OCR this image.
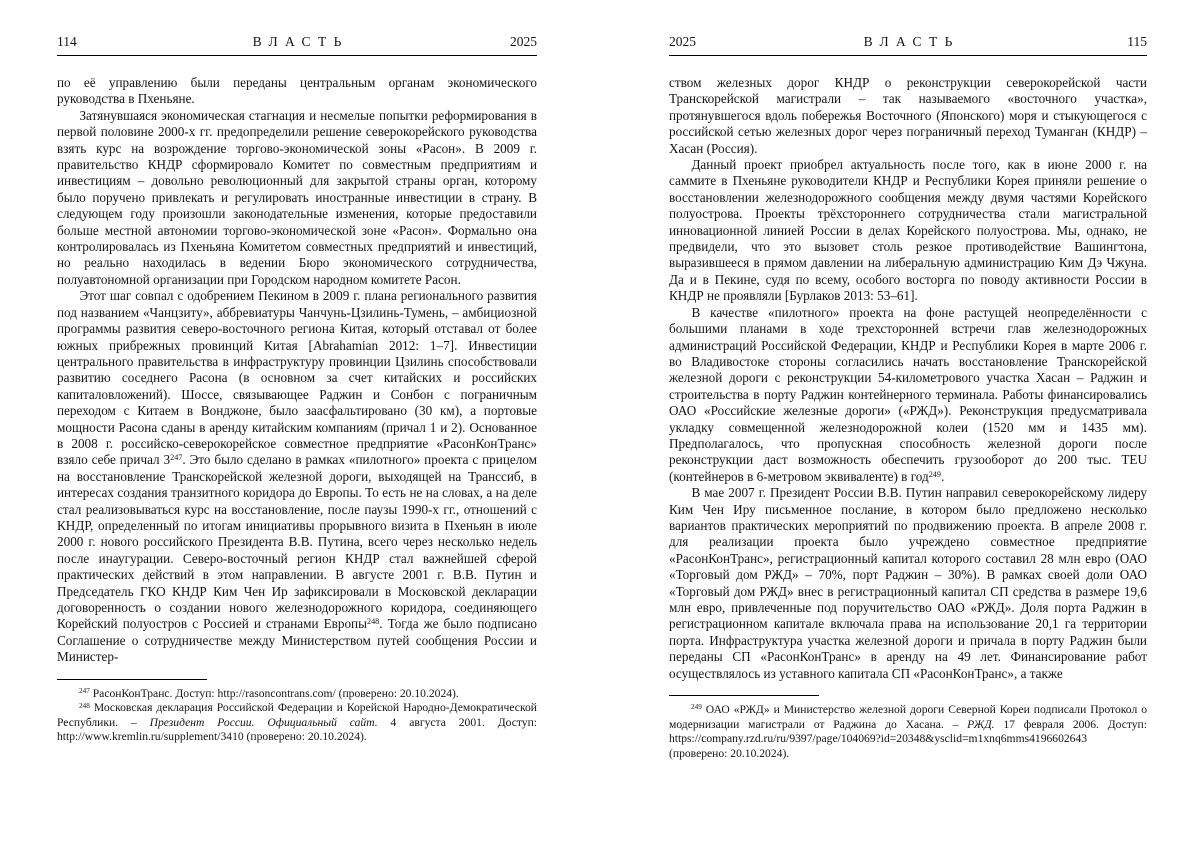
114	ВЛАСТЬ	2025

по её управлению были переданы центральным органам экономического руководства в Пхеньяне.

Затянувшаяся экономическая стагнация и несмелые попытки реформирования в первой половине 2000-х гг. предопределили решение северокорейского руководства взять курс на возрождение торгово-экономической зоны «Расон». В 2009 г. правительство КНДР сформировало Комитет по совместным предприятиям и инвестициям – довольно революционный для закрытой страны орган, которому было поручено привлекать и регулировать иностранные инвестиции в страну. В следующем году произошли законодательные изменения, которые предоставили больше местной автономии торгово-экономической зоне «Расон». Формально она контролировалась из Пхеньяна Комитетом совместных предприятий и инвестиций, но реально находилась в ведении Бюро экономического сотрудничества, полуавтономной организации при Городском народном комитете Расон.

Этот шаг совпал с одобрением Пекином в 2009 г. плана регионального развития под названием «Чанцзиту», аббревиатуры Чанчунь-Цзилинь-Тумень, – амбициозной программы развития северо-восточного региона Китая, который отставал от более южных прибрежных провинций Китая [Abrahamian 2012: 1–7]. Инвестиции центрального правительства в инфраструктуру провинции Цзилинь способствовали развитию соседнего Расона (в основном за счет китайских и российских капиталовложений). Шоссе, связывающее Раджин и Сонбон с пограничным переходом с Китаем в Вонджоне, было заасфальтировано (30 км), а портовые мощности Расона сданы в аренду китайским компаниям (причал 1 и 2). Основанное в 2008 г. российско-северокорейское совместное предприятие «РасонКонТранс» взяло себе причал $3^{247}$. Это было сделано в рамках «пилотного» проекта с прицелом на восстановление Транскорейской железной дороги, выходящей на Транссиб, в интересах создания транзитного коридора до Европы. То есть не на словах, а на деле стал реализовываться курс на восстановление, после паузы 1990-х гг., отношений с КНДР, определенный по итогам инициативы прорывного визита в Пхеньян в июле 2000 г. нового российского Президента В.В. Путина, всего через несколько недель после инаугурации. Северо-восточный регион КНДР стал важнейшей сферой практических действий в этом направлении. В августе 2001 г. В.В. Путин и Председатель ГКО КНДР Ким Чен Ир зафиксировали в Московской декларации договоренность о создании нового железнодорожного коридора, соединяющего Корейский полуостров с Россией и странами Европы$^{248}$. Тогда же было подписано Соглашение о сотрудничестве между Министерством путей сообщения России и Министер-

$^{247}$ РасонКонТранс. Доступ: http://rasoncontrans.com/ (проверено: 20.10.2024).

$^{248}$ Московская декларация Российской Федерации и Корейской Народно-Демократической Республики. – Президент России. Официальный сайт. 4 августа 2001. Доступ: http://www.kremlin.ru/supplement/3410 (проверено: 20.10.2024).

2025	ВЛАСТЬ	115

ством железных дорог КНДР о реконструкции северокорейской части Транскорейской магистрали – так называемого «восточного участка», протянувшегося вдоль побережья Восточного (Японского) моря и стыкующегося с российской сетью железных дорог через пограничный переход Туманган (КНДР) – Хасан (Россия).

Данный проект приобрел актуальность после того, как в июне 2000 г. на саммите в Пхеньяне руководители КНДР и Республики Корея приняли решение о восстановлении железнодорожного сообщения между двумя частями Корейского полуострова. Проекты трёхстороннего сотрудничества стали магистральной инновационной линией России в делах Корейского полуострова. Мы, однако, не предвидели, что это вызовет столь резкое противодействие Вашингтона, выразившееся в прямом давлении на либеральную администрацию Ким Дэ Чжуна. Да и в Пекине, судя по всему, особого восторга по поводу активности России в КНДР не проявляли [Бурлаков 2013: 53–61].

В качестве «пилотного» проекта на фоне растущей неопределённости с большими планами в ходе трехсторонней встречи глав железнодорожных администраций Российской Федерации, КНДР и Республики Корея в марте 2006 г. во Владивостоке стороны согласились начать восстановление Транскорейской железной дороги с реконструкции 54-километрового участка Хасан – Раджин и строительства в порту Раджин контейнерного терминала. Работы финансировались ОАО «Российские железные дороги» («РЖД»). Реконструкция предусматривала укладку совмещенной железнодорожной колеи (1520 мм и 1435 мм). Предполагалось, что пропускная способность железной дороги после реконструкции даст возможность обеспечить грузооборот до 200 тыс. TEU (контейнеров в 6-метровом эквиваленте) в год$^{249}$.

В мае 2007 г. Президент России В.В. Путин направил северокорейскому лидеру Ким Чен Иру письменное послание, в котором было предложено несколько вариантов практических мероприятий по продвижению проекта. В апреле 2008 г. для реализации проекта было учреждено совместное предприятие «РасонКонТранс», регистрационный капитал которого составил 28 млн евро (ОАО «Торговый дом РЖД» – 70%, порт Раджин – 30%). В рамках своей доли ОАО «Торговый дом РЖД» внес в регистрационный капитал СП средства в размере 19,6 млн евро, привлеченные под поручительство ОАО «РЖД». Доля порта Раджин в регистрационном капитале включала права на использование 20,1 га территории порта. Инфраструктура участка железной дороги и причала в порту Раджин были переданы СП «РасонКонТранс» в аренду на 49 лет. Финансирование работ осуществлялось из уставного капитала СП «РасонКонТранс», а также

$^{249}$ ОАО «РЖД» и Министерство железной дороги Северной Кореи подписали Протокол о модернизации магистрали от Раджина до Хасана. – РЖД. 17 февраля 2006. Доступ: https://company.rzd.ru/ru/9397/page/104069?id=20348&ysclid=m1xnq6mms4196602643 (проверено: 20.10.2024).
